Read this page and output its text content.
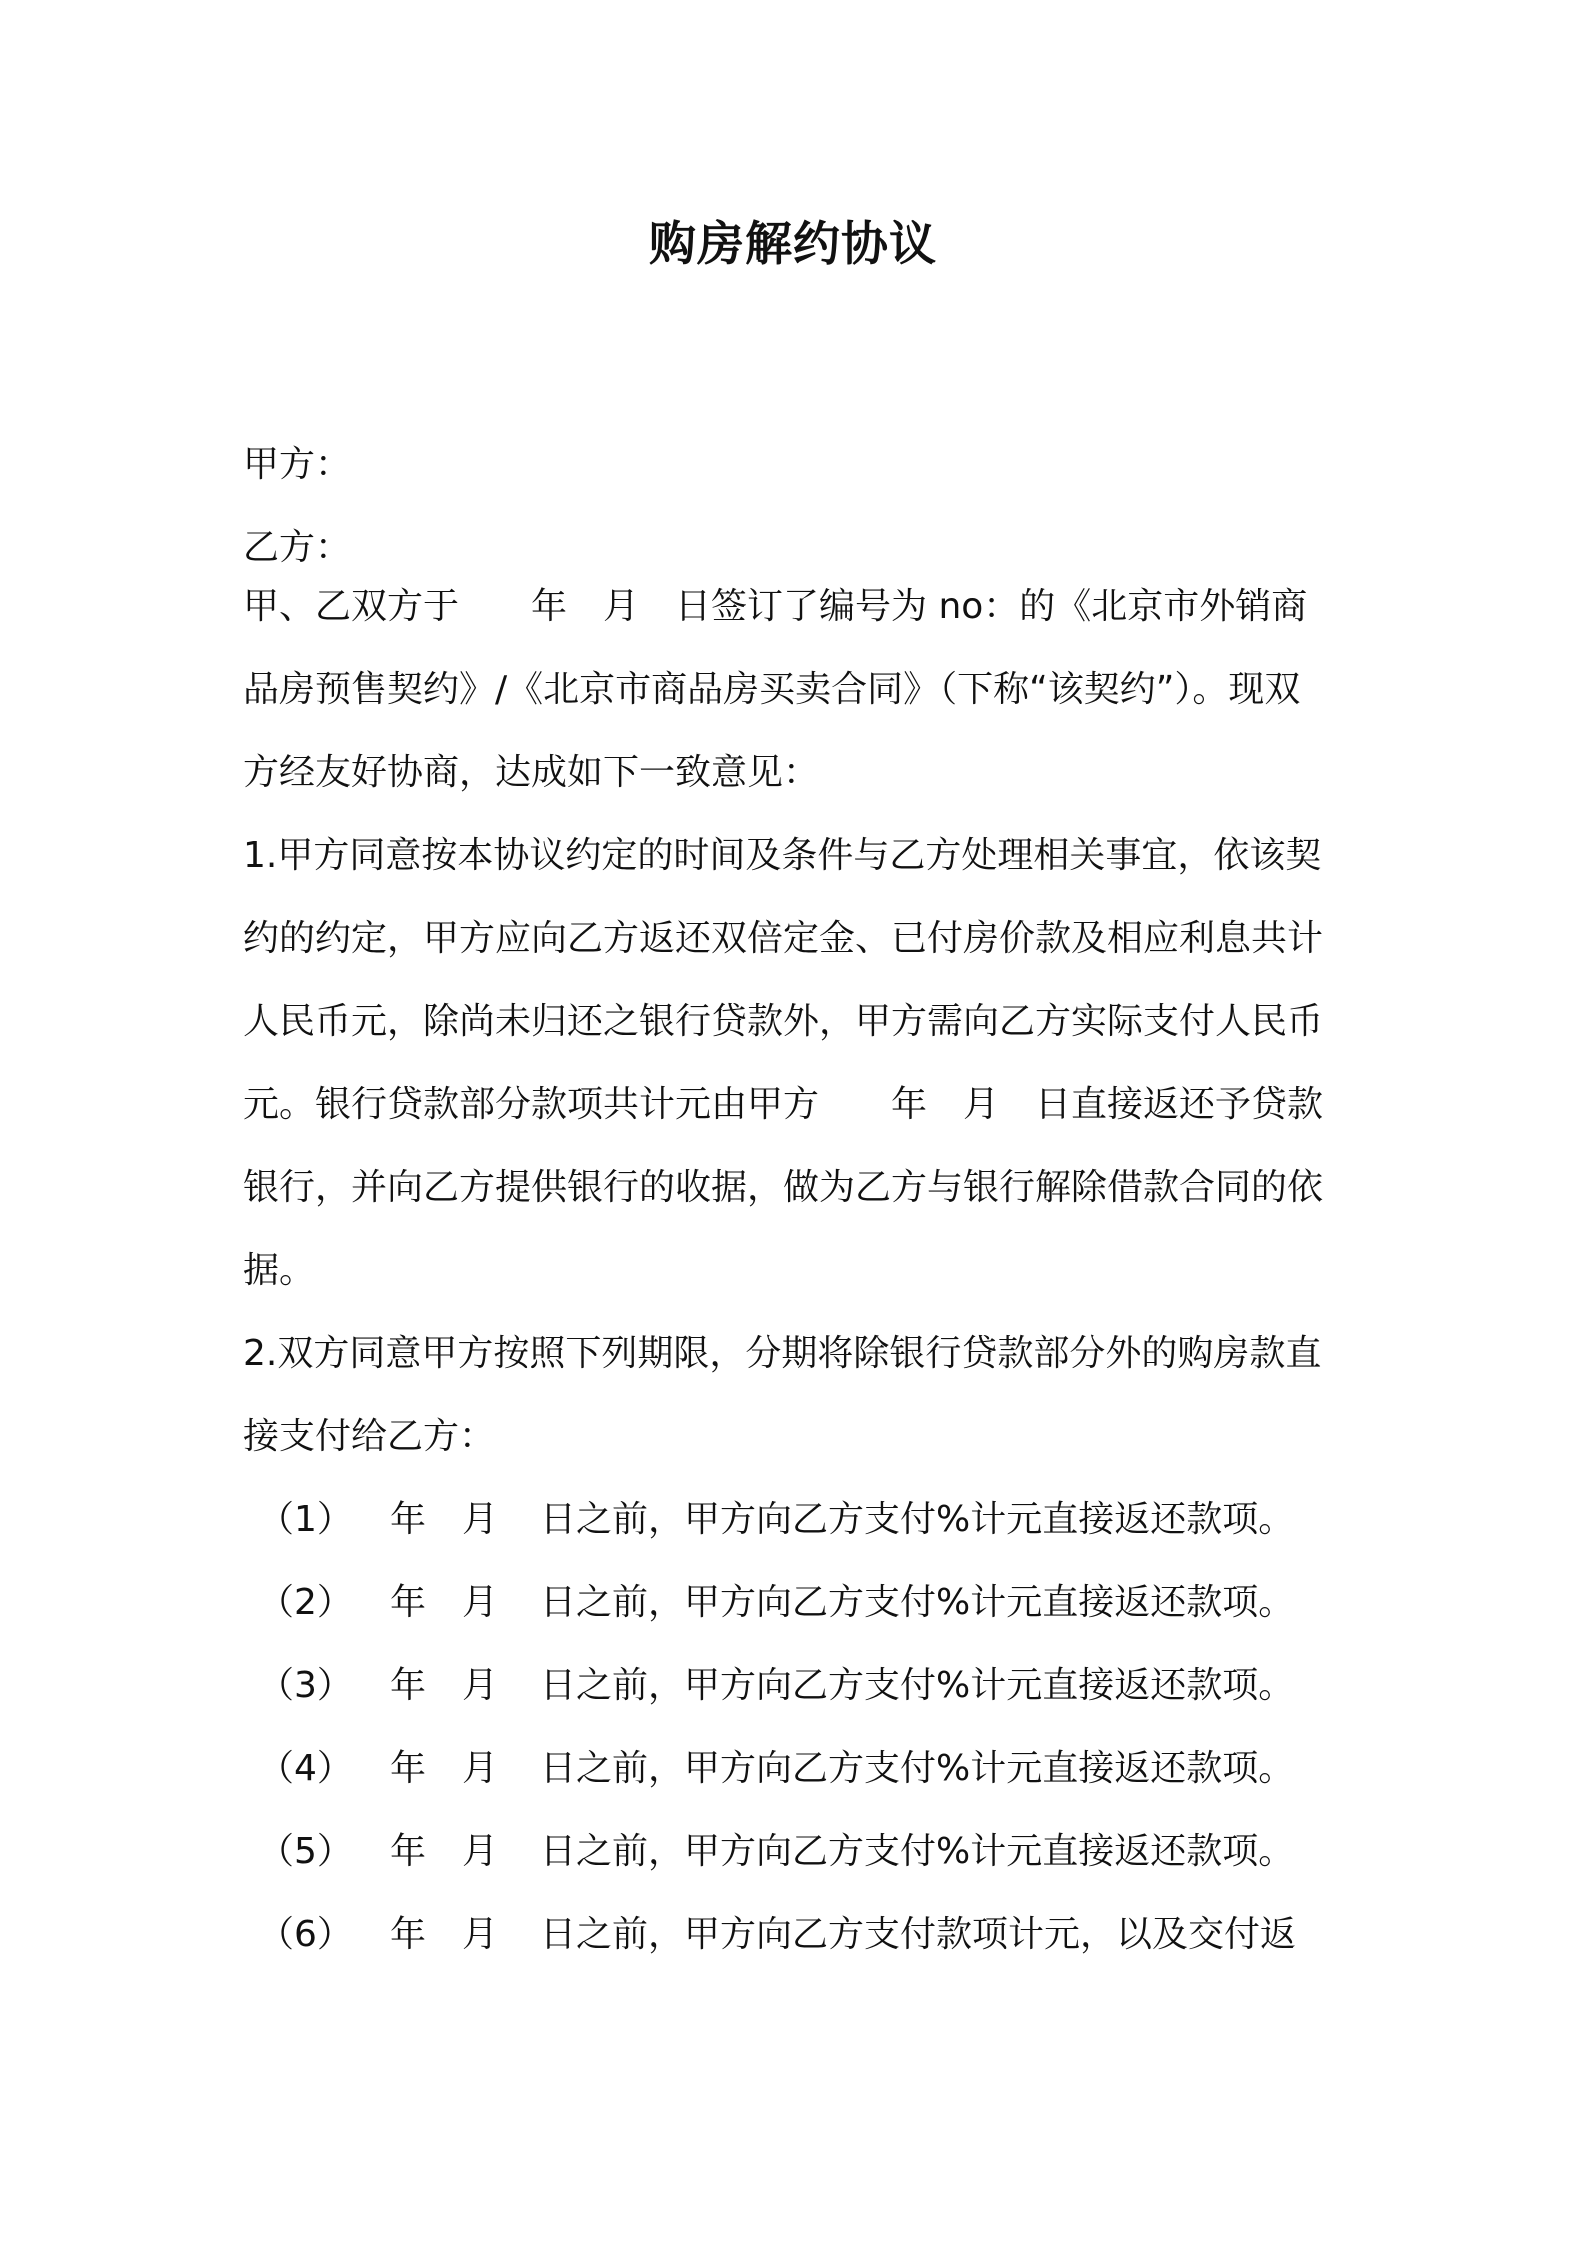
购房解约协议
甲方：
乙方：
甲、乙双方于　　年　月　日签订了编号为 no：的《北京市外销商
品房预售契约》/《北京市商品房买卖合同》（下称“该契约”）。现双
方经友好协商，达成如下一致意见：
1.甲方同意按本协议约定的时间及条件与乙方处理相关事宜，依该契
约的约定，甲方应向乙方返还双倍定金、已付房价款及相应利息共计
人民币元，除尚未归还之银行贷款外，甲方需向乙方实际支付人民币
元。银行贷款部分款项共计元由甲方　　年　月　日直接返还予贷款
银行，并向乙方提供银行的收据，做为乙方与银行解除借款合同的依
据。
2.双方同意甲方按照下列期限，分期将除银行贷款部分外的购房款直
接支付给乙方：
（1） 年　月 日之前，甲方向乙方支付%计元直接返还款项。
（2） 年　月 日之前，甲方向乙方支付%计元直接返还款项。
（3） 年　月 日之前，甲方向乙方支付%计元直接返还款项。
（4） 年　月 日之前，甲方向乙方支付%计元直接返还款项。
（5） 年　月 日之前，甲方向乙方支付%计元直接返还款项。
（6） 年　月 日之前，甲方向乙方支付款项计元，以及交付返
